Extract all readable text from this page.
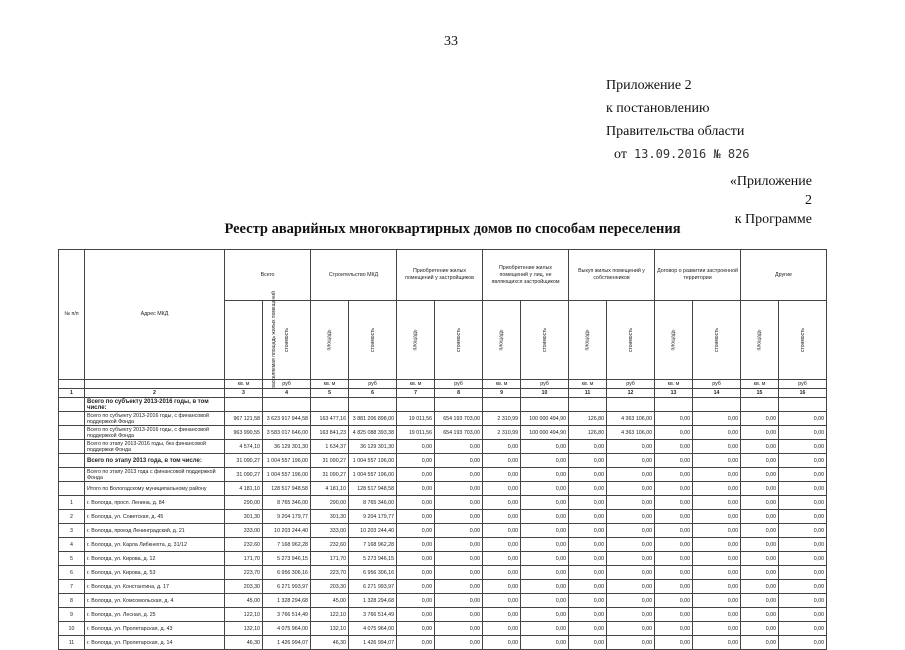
33
Приложение 2
к постановлению
Правительства области
от 13.09.2016 № 826
«Приложение 2
к Программе
Реестр аварийных многоквартирных домов по способам переселения
№ п/п	Адрес МКД	Всего		Строительство МКД		Приобретение жилых помещений у застройщиков		Приобретение жилых помещений у лиц, не являющихся застройщиком		Выкуп жилых помещений у собственников		Договор о развитии застроенной территории		Другие	
		расселяемая площадь жилых помещений	стоимость	площадь	стоимость	площадь	стоимость	площадь	стоимость	площадь	стоимость	площадь	стоимость	площадь	стоимость
		кв. м	руб	кв. м	руб	кв. м	руб	кв. м	руб	кв. м	руб	кв. м	руб	кв. м	руб
1	2	3	4	5	6	7	8	9	10	11	12	13	14	15	16
	Всего по субъекту 2013-2016 годы, в том числе:														
	Всего по субъекту 2013-2016 годы, с финансовой поддержкой Фонда	967 121,58	3 623 917 944,58	163 477,16	3 881 206 898,00	19 011,56	654 193 703,00	2 310,99	100 000 494,90	126,80	4 363 106,00	0,00	0,00	0,00	0,00
	Всего по субъекту 2013-2016 годы, с финансовой поддержкой Фонда	963 990,55	3 583 017 646,00	163 841,23	4 825 088 393,38	19 011,56	654 193 703,00	2 310,99	100 000 494,90	126,80	4 363 106,00	0,00	0,00	0,00	0,00
	Всего по этапу 2013-2016 годы, без финансовой поддержки Фонда	4 574,10	36 129 301,30	1 634,37	36 129 301,30	0,00	0,00	0,00	0,00	0,00	0,00	0,00	0,00	0,00	0,00
	Всего по этапу 2013 года, в том числе:	31 090,27	1 004 557 196,00	31 090,27	1 004 557 196,00	0,00	0,00	0,00	0,00	0,00	0,00	0,00	0,00	0,00	0,00
	Всего по этапу 2013 года с финансовой поддержкой Фонда	31 090,27	1 004 557 196,00	31 090,27	1 004 557 196,00	0,00	0,00	0,00	0,00	0,00	0,00	0,00	0,00	0,00	0,00
	Итого по Вологодскому муниципальному району	4 181,10	128 517 948,58	4 181,10	128 517 948,58	0,00	0,00	0,00	0,00	0,00	0,00	0,00	0,00	0,00	0,00
1	г. Вологда, просп. Ленина, д. 84	290,00	8 765 346,00	290,00	8 765 346,00	0,00	0,00	0,00	0,00	0,00	0,00	0,00	0,00	0,00	0,00
2	г. Вологда, ул. Советская, д. 45	301,30	9 204 179,77	301,30	9 204 179,77	0,00	0,00	0,00	0,00	0,00	0,00	0,00	0,00	0,00	0,00
3	г. Вологда, проезд Ленинградский, д. 21	333,00	10 203 244,40	333,00	10 203 244,40	0,00	0,00	0,00	0,00	0,00	0,00	0,00	0,00	0,00	0,00
4	г. Вологда, ул. Карла Либкнехта, д. 31/12	232,60	7 168 962,28	232,60	7 168 962,28	0,00	0,00	0,00	0,00	0,00	0,00	0,00	0,00	0,00	0,00
5	г. Вологда, ул. Кирова, д. 12	171,70	5 273 946,15	171,70	5 273 946,15	0,00	0,00	0,00	0,00	0,00	0,00	0,00	0,00	0,00	0,00
6	г. Вологда, ул. Кирова, д. 53	223,70	6 956 306,16	223,70	6 956 306,16	0,00	0,00	0,00	0,00	0,00	0,00	0,00	0,00	0,00	0,00
7	г. Вологда, ул. Константина, д. 17	203,30	6 271 993,97	203,30	6 271 993,97	0,00	0,00	0,00	0,00	0,00	0,00	0,00	0,00	0,00	0,00
8	г. Вологда, ул. Комсомольская, д. 4	45,00	1 328 294,68	45,00	1 328 294,68	0,00	0,00	0,00	0,00	0,00	0,00	0,00	0,00	0,00	0,00
9	г. Вологда, ул. Лесная, д. 25	122,10	3 766 514,49	122,10	3 766 514,49	0,00	0,00	0,00	0,00	0,00	0,00	0,00	0,00	0,00	0,00
10	г. Вологда, ул. Пролетарская, д. 43	132,10	4 075 964,00	132,10	4 075 964,00	0,00	0,00	0,00	0,00	0,00	0,00	0,00	0,00	0,00	0,00
11	г. Вологда, ул. Пролетарская, д. 14	46,30	1 426 994,07	46,30	1 426 994,07	0,00	0,00	0,00	0,00	0,00	0,00	0,00	0,00	0,00	0,00
